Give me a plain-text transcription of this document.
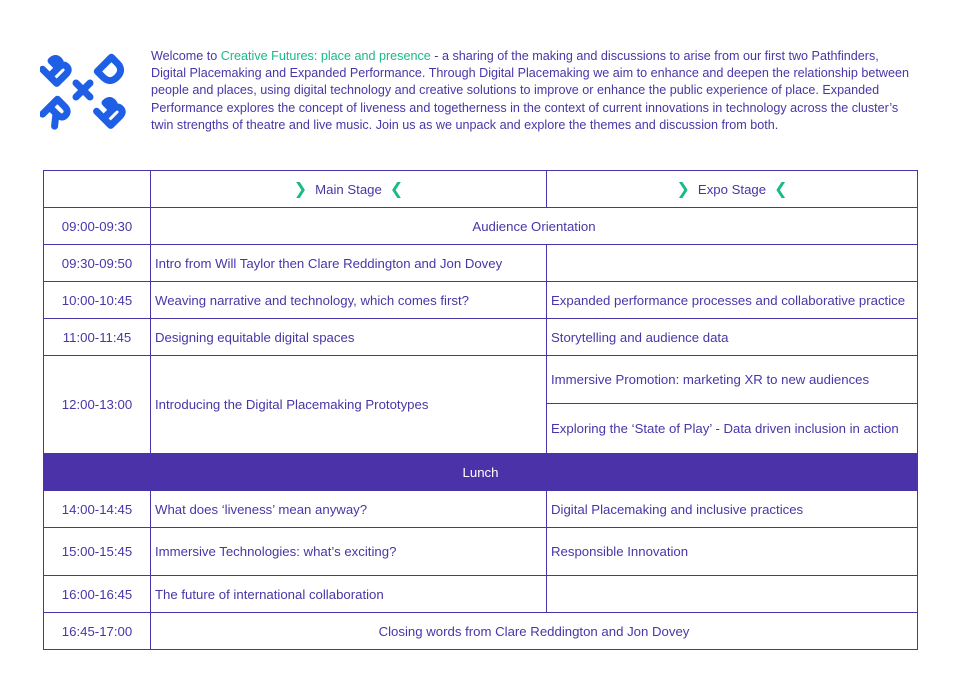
Welcome to Creative Futures: place and presence - a sharing of the making and discussions to arise from our first two Pathfinders, Digital Placemaking and Expanded Performance. Through Digital Placemaking we aim to enhance and deepen the relationship between people and places, using digital technology and creative solutions to improve or enhance the public experience of place. Expanded Performance explores the concept of liveness and togetherness in the context of current innovations in technology across the cluster’s twin strengths of theatre and live music. Join us as we unpack and explore the themes and discussion from both.
	❯ Main Stage ❮	❯ Expo Stage ❮
09:00-09:30	Audience Orientation	
09:30-09:50	Intro from Will Taylor then Clare Reddington and Jon Dovey	
10:00-10:45	Weaving narrative and technology, which comes first?	Expanded performance processes and collaborative practice
11:00-11:45	Designing equitable digital spaces	Storytelling and audience data
12:00-13:00	Introducing the Digital Placemaking Prototypes	Immersive Promotion: marketing XR to new audiences
		Exploring the ‘State of Play’ - Data driven inclusion in action
Lunch		
14:00-14:45	What does ‘liveness’ mean anyway?	Digital Placemaking and inclusive practices
15:00-15:45	Immersive Technologies: what’s exciting?	Responsible Innovation
16:00-16:45	The future of international collaboration	
16:45-17:00	Closing words from Clare Reddington and Jon Dovey	
